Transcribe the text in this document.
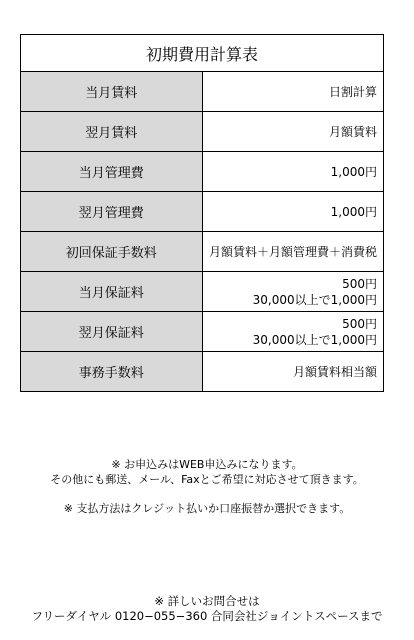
初期費用計算表	
当月賃料	日割計算

翌月賃料	月額賃料

当月管理費	1,000円

翌月管理費	1,000円

初回保証手数料	月額賃料＋月額管理費＋消費税

当月保証料	500円
30,000以上で1,000円

翌月保証料	500円
30,000以上で1,000円

事務手数料	月額賃料相当額
※ お申込みはWEB申込みになります。
その他にも郵送、メール、Faxとご希望に対応させて頂きます。
※ 支払方法はクレジット払いか口座振替か選択できます。
※ 詳しいお問合せは
フリーダイヤル 0120−055−360 合同会社ジョイントスペースまで
